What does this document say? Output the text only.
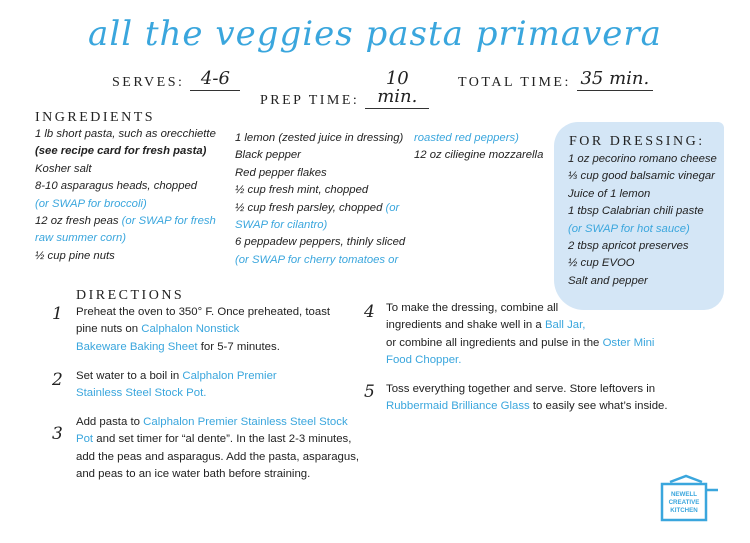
all the veggies pasta primavera
SERVES: 4-6
PREP TIME:
10 min.
TOTAL TIME: 35 min.
INGREDIENTS
1 lb short pasta, such as orecchiette
(see recipe card for fresh pasta)
Kosher salt
8-10 asparagus heads, chopped
(or SWAP for broccoli)
12 oz fresh peas (or SWAP for fresh
raw summer corn)
½ cup pine nuts
1 lemon (zested juice in dressing)
Black pepper
Red pepper flakes
½ cup fresh mint, chopped
½ cup fresh parsley, chopped (or
SWAP for cilantro)
6 peppadew peppers, thinly sliced
(or SWAP for cherry tomatoes or
roasted red peppers)
12 oz ciliegine mozzarella
FOR DRESSING:
1 oz pecorino romano cheese
⅓ cup good balsamic vinegar
Juice of 1 lemon
1 tbsp Calabrian chili paste
(or SWAP for hot sauce)
2 tbsp apricot preserves
½ cup EVOO
Salt and pepper
DIRECTIONS
1 Preheat the oven to 350° F. Once preheated, toast
pine nuts on Calphalon Nonstick
Bakeware Baking Sheet for 5-7 minutes.
2 Set water to a boil in Calphalon Premier
Stainless Steel Stock Pot.
3
Add pasta to Calphalon Premier Stainless Steel Stock
Pot and set timer for “al dente”. In the last 2-3 minutes,
add the peas and asparagus. Add the pasta, asparagus,
and peas to an ice water bath before straining.
4 To make the dressing, combine all
ingredients and shake well in a Ball Jar,
or combine all ingredients and pulse in the Oster Mini
Food Chopper.
5 Toss everything together and serve. Store leftovers in
Rubbermaid Brilliance Glass to easily see what’s inside.
NEWELL
CREATIVE
KITCHEN
